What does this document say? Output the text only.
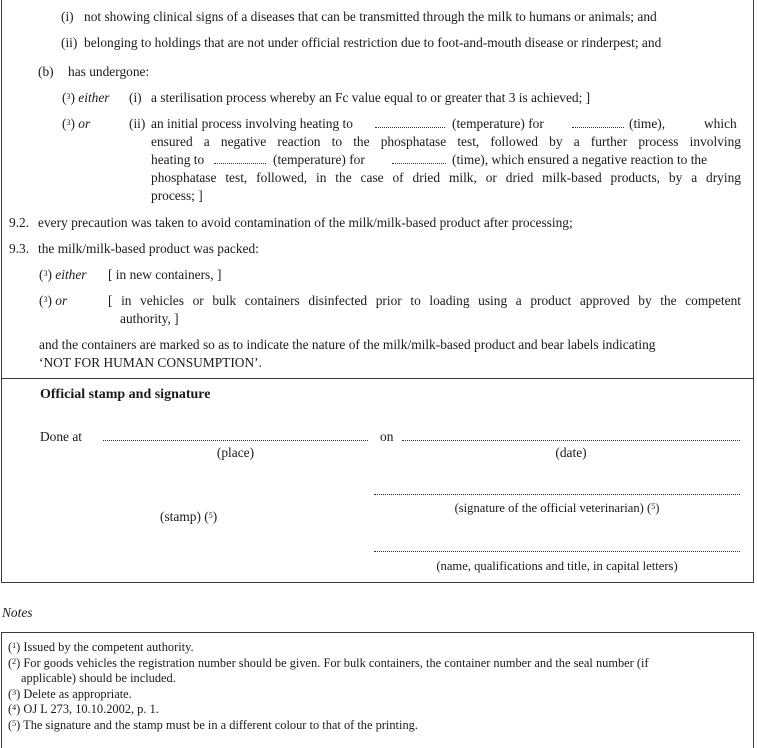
(i) not showing clinical signs of a diseases that can be transmitted through the milk to humans or animals; and
(ii) belonging to holdings that are not under official restriction due to foot-and-mouth disease or rinderpest; and
(b) has undergone:
($^3$) either (i) a sterilisation process whereby an Fc value equal to or greater that 3 is achieved; ]
($^3$) or	(ii) an initial process involving heating to	(temperature) for	(time),	which
ensured a negative reaction to the phosphatase test, followed by a further process involving
heating to	(temperature) for	(time), which ensured a negative reaction to the
phosphatase test, followed, in the case of dried milk, or dried milk-based products, by a drying
process; ]
9.2. every precaution was taken to avoid contamination of the milk/milk-based product after processing;
9.3. the milk/milk-based product was packed:
($^3$) either [ in new containers, ]
($^3$) or	[ in vehicles or bulk containers disinfected prior to loading using a product approved by the competent
authority, ]
and the containers are marked so as to indicate the nature of the milk/milk-based product and bear labels indicating
‘NOT FOR HUMAN CONSUMPTION’.
Official stamp and signature
Done at	on
(place)	(date)
(stamp) ($^5$)
(signature of the official veterinarian) ($^5$)
(name, qualifications and title, in capital letters)
Notes
($^1$) Issued by the competent authority.
($^2$) For goods vehicles the registration number should be given. For bulk containers, the container number and the seal number (if
applicable) should be included.
($^3$) Delete as appropriate.
($^4$) OJ L 273, 10.10.2002, p. 1.
($^5$) The signature and the stamp must be in a different colour to that of the printing.
